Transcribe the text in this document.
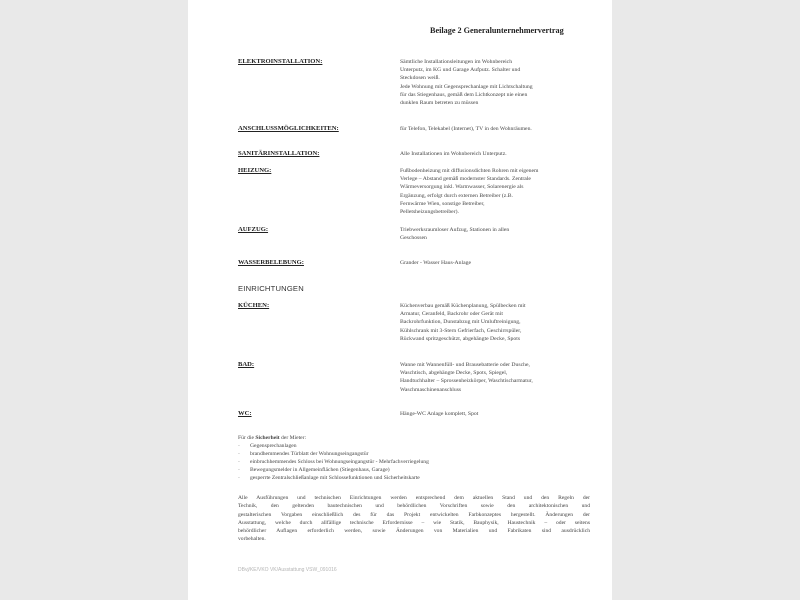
Beilage 2 Generalunternehmervertrag
ELEKTROINSTALLATION:	Sämtliche Installationsleitungen im Wohnbereich
Unterputz, im KG und Garage Aufputz. Schalter und
Steckdosen weiß.
Jede Wohnung mit Gegensprechanlage mit Lichtschaltung
für das Stiegenhaus, gemäß dem Lichtkonzept nie einen
dunklen Raum betreten zu müssen
ANSCHLUSSMÖGLICHKEITEN:	für Telefon, Telekabel (Internet), TV in den Wohnräumen.
SANITÄRINSTALLATION:	Alle Installationen im Wohnbereich Unterputz.
HEIZUNG:	Fußbodenheizung mit diffusionsdichten Rohren mit eigenem
Verlege – Abstand gemäß modernster Standards. Zentrale
Wärmeversorgung inkl. Warmwasser, Solarenergie als
Ergänzung, erfolgt durch externen Betreiber (z.B.
Fernwärme Wien, sonstige Betreiber,
Pelletsheizungsbetreiber).
AUFZUG:	Triebwerksraumloser Aufzug, Stationen in allen
Geschossen
WASSERBELEBUNG:	Grander - Wasser Haus-Anlage
EINRICHTUNGEN
KÜCHEN:	Küchenverbau gemäß Küchenplanung, Spülbecken mit
Armatur, Ceranfeld, Backrohr oder Gerät mit
Backrohrfunktion, Dunstabzug mit Umluftreinigung,
Kühlschrank mit 3-Stern Gefrierfach, Geschirrspüler,
Rückwand spritzgeschützt, abgehängte Decke, Spots
BAD:	Wanne mit Wannenfüll- und Brausebatterie oder Dusche,
Waschtisch, abgehängte Decke, Spots, Spiegel,
Handtuchhalter – Sprossenheizkörper, Waschtischarmatur,
Waschmaschinenanschluss
WC:	Hänge-WC Anlage komplett, Spot
Für die Sicherheit der Mieter:
- Gegensprechanlagen
- brandhemmendes Türblatt der Wohnungseingangstür
- einbruchhemmendes Schloss bei Wohnungseingangstür - Mehrfachverriegelung
- Bewegungsmelder in Allgemeinflächen (Stiegenhaus, Garage)
- gesperrte Zentralschließanlage mit Schlossefunktionen und Sicherheitskarte
Alle Ausführungen und technischen Einrichtungen werden entsprechend dem aktuellen Stand und den Regeln der
Technik, den geltenden bautechnischen und behördlichen Vorschriften sowie den architektonischen und
gestalterischen Vorgaben einschließlich des für das Projekt entwickelten Farbkonzeptes hergestellt. Änderungen der
Ausstattung, welche durch allfällige technische Erfordernisse – wie Statik, Bauphysik, Haustechnik – oder seitens
behördlicher Auflagen erforderlich werden, sowie Änderungen von Materialien und Fabrikaten sind ausdrücklich
vorbehalten.
DBvj/KE/VKO VK/Ausstattung VSW_091016
